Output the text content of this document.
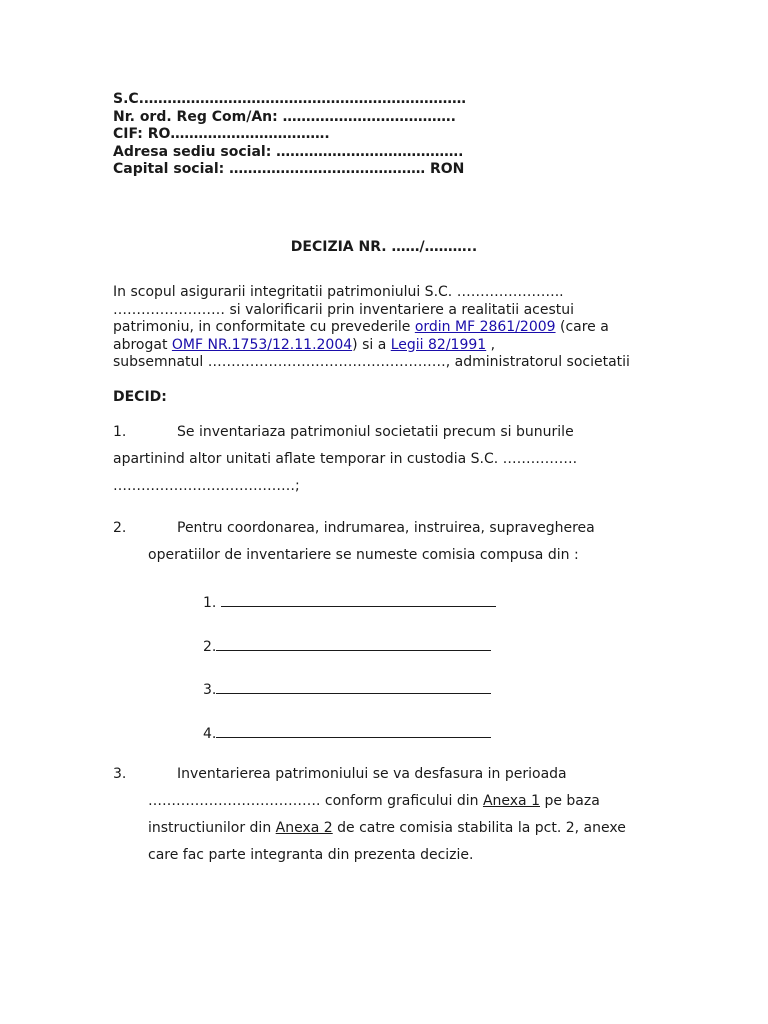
S.C.……………………………………………………………
Nr. ord. Reg Com/An: ……………………………….
CIF: RO…………………………….
Adresa sediu social: ………………………………….
Capital social: …………………………………… RON
DECIZIA NR. ……/………..
In scopul asigurarii integritatii patrimoniului S.C. …………………..
…………………… si valorificarii prin inventariere a realitatii acestui
patrimoniu, in conformitate cu prevederile ordin MF 2861/2009 (care a
abrogat OMF NR.1753/12.11.2004) si a Legii 82/1991 ,
subsemnatul ……………………………………………, administratorul societatii
DECID:
1.	Se inventariaza patrimoniul societatii precum si bunurile
apartinind altor unitati aflate temporar in custodia S.C. …………….
…………………………………;
2.	Pentru coordonarea, indrumarea, instruirea, supravegherea
operatiilor de inventariere se numeste comisia compusa din :
1.
2.
3.
4.
3.	Inventarierea patrimoniului se va desfasura in perioada
………………………………. conform graficului din Anexa 1 pe baza
instructiunilor din Anexa 2 de catre comisia stabilita la pct. 2, anexe
care fac parte integranta din prezenta decizie.
